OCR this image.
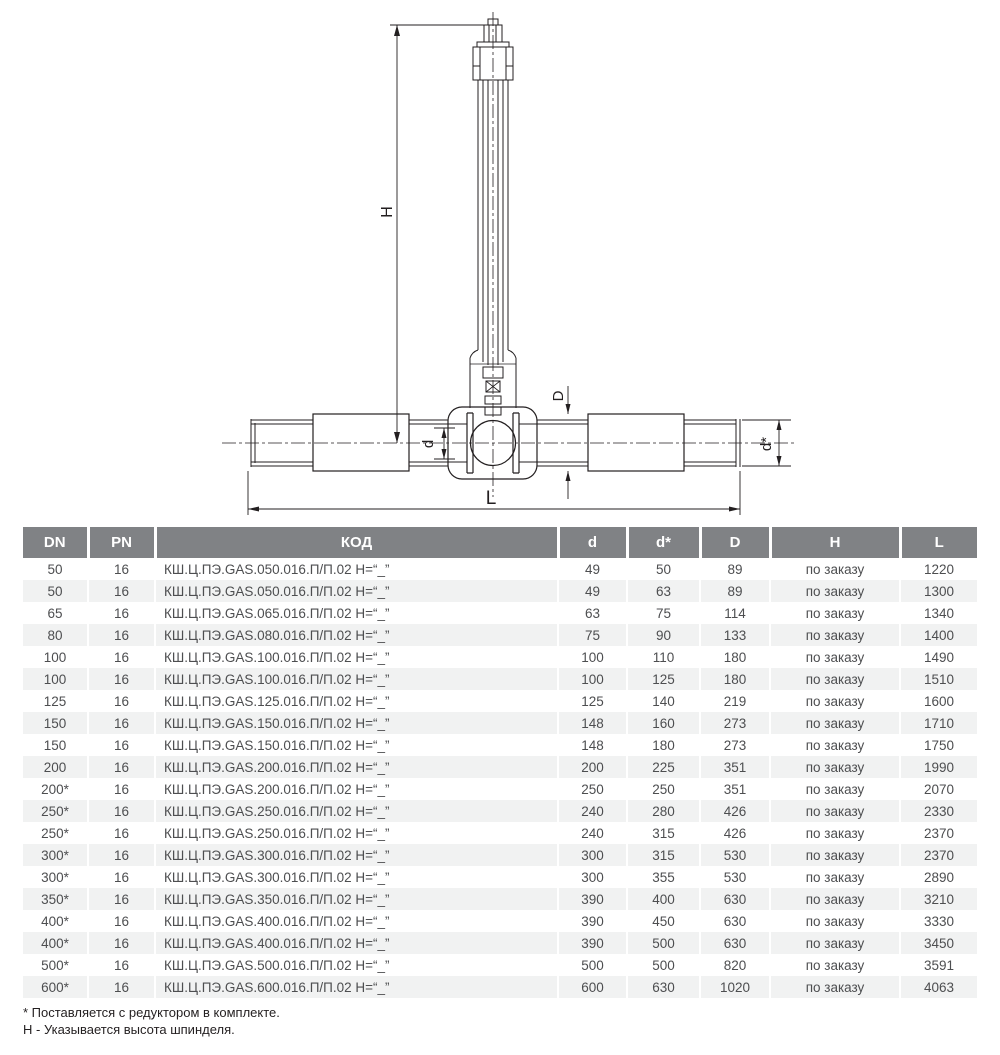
H
d
D
d*
L
DN	PN	КОД	d	d*	D	H	L
50	16	КШ.Ц.ПЭ.GAS.050.016.П/П.02 Н=“_”	49	50	89	по заказу	1220
50	16	КШ.Ц.ПЭ.GAS.050.016.П/П.02 Н=“_”	49	63	89	по заказу	1300
65	16	КШ.Ц.ПЭ.GAS.065.016.П/П.02 Н=“_”	63	75	114	по заказу	1340
80	16	КШ.Ц.ПЭ.GAS.080.016.П/П.02 Н=“_”	75	90	133	по заказу	1400
100	16	КШ.Ц.ПЭ.GAS.100.016.П/П.02 Н=“_”	100	110	180	по заказу	1490
100	16	КШ.Ц.ПЭ.GAS.100.016.П/П.02 Н=“_”	100	125	180	по заказу	1510
125	16	КШ.Ц.ПЭ.GAS.125.016.П/П.02 Н=“_”	125	140	219	по заказу	1600
150	16	КШ.Ц.ПЭ.GAS.150.016.П/П.02 Н=“_”	148	160	273	по заказу	1710
150	16	КШ.Ц.ПЭ.GAS.150.016.П/П.02 Н=“_”	148	180	273	по заказу	1750
200	16	КШ.Ц.ПЭ.GAS.200.016.П/П.02 Н=“_”	200	225	351	по заказу	1990
200*	16	КШ.Ц.ПЭ.GAS.200.016.П/П.02 Н=“_”	250	250	351	по заказу	2070
250*	16	КШ.Ц.ПЭ.GAS.250.016.П/П.02 Н=“_”	240	280	426	по заказу	2330
250*	16	КШ.Ц.ПЭ.GAS.250.016.П/П.02 Н=“_”	240	315	426	по заказу	2370
300*	16	КШ.Ц.ПЭ.GAS.300.016.П/П.02 Н=“_”	300	315	530	по заказу	2370
300*	16	КШ.Ц.ПЭ.GAS.300.016.П/П.02 Н=“_”	300	355	530	по заказу	2890
350*	16	КШ.Ц.ПЭ.GAS.350.016.П/П.02 Н=“_”	390	400	630	по заказу	3210
400*	16	КШ.Ц.ПЭ.GAS.400.016.П/П.02 Н=“_”	390	450	630	по заказу	3330
400*	16	КШ.Ц.ПЭ.GAS.400.016.П/П.02 Н=“_”	390	500	630	по заказу	3450
500*	16	КШ.Ц.ПЭ.GAS.500.016.П/П.02 Н=“_”	500	500	820	по заказу	3591
600*	16	КШ.Ц.ПЭ.GAS.600.016.П/П.02 Н=“_”	600	630	1020	по заказу	4063
* Поставляется с редуктором в комплекте.
Н - Указывается высота шпинделя.
